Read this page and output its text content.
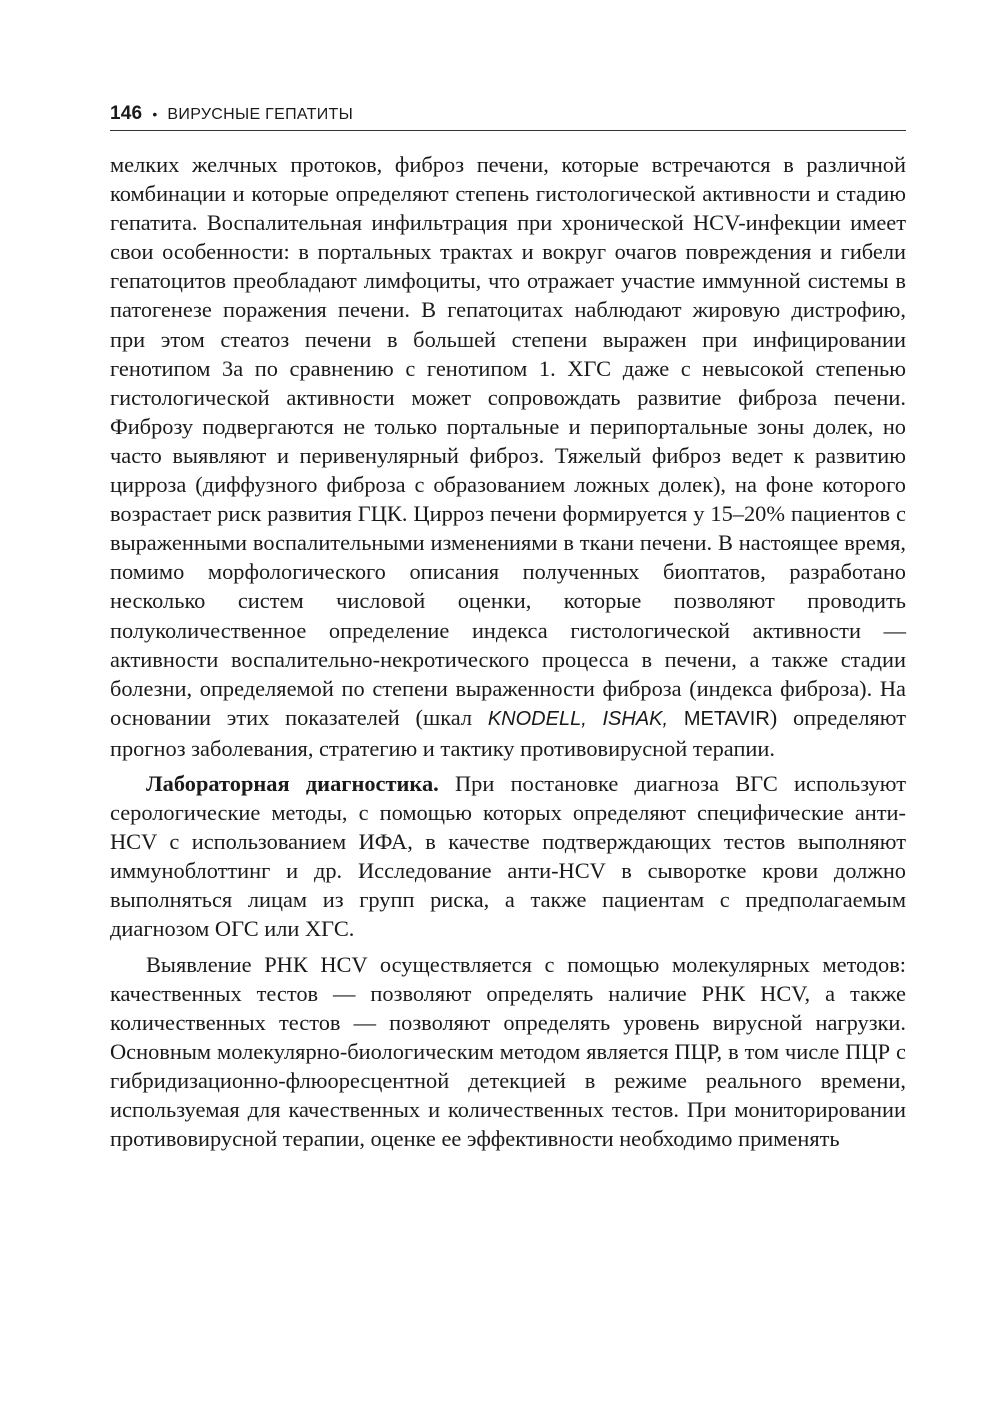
146 • ВИРУСНЫЕ ГЕПАТИТЫ

мелких желчных протоков, фиброз печени, которые встречаются в различной комбинации и которые определяют степень гистологической активности и стадию гепатита. Воспалительная инфильтрация при хронической HCV-инфекции имеет свои особенности: в портальных трактах и вокруг очагов повреждения и гибели гепатоцитов преобладают лимфоциты, что отражает участие иммунной системы в патогенезе поражения печени. В гепатоцитах наблюдают жировую дистрофию, при этом стеатоз печени в большей степени выражен при инфицировании генотипом 3а по сравнению с генотипом 1. ХГС даже с невысокой степенью гистологической активности может сопровождать развитие фиброза печени. Фиброзу подвергаются не только портальные и перипортальные зоны долек, но часто выявляют и перивенулярный фиброз. Тяжелый фиброз ведет к развитию цирроза (диффузного фиброза с образованием ложных долек), на фоне которого возрастает риск развития ГЦК. Цирроз печени формируется у 15–20% пациентов с выраженными воспалительными изменениями в ткани печени. В настоящее время, помимо морфологического описания полученных биоптатов, разработано несколько систем числовой оценки, которые позволяют проводить полуколичественное определение индекса гистологической активности — активности воспалительно-некротического процесса в печени, а также стадии болезни, определяемой по степени выраженности фиброза (индекса фиброза). На основании этих показателей (шкал KNODELL, ISHAK, METAVIR) определяют прогноз заболевания, стратегию и тактику противовирусной терапии.

Лабораторная диагностика. При постановке диагноза ВГС используют серологические методы, с помощью которых определяют специфические анти-HCV с использованием ИФА, в качестве подтверждающих тестов выполняют иммуноблоттинг и др. Исследование анти-HCV в сыворотке крови должно выполняться лицам из групп риска, а также пациентам с предполагаемым диагнозом ОГС или ХГС.

Выявление РНК HCV осуществляется с помощью молекулярных методов: качественных тестов — позволяют определять наличие РНК HCV, а также количественных тестов — позволяют определять уровень вирусной нагрузки. Основным молекулярно-биологическим методом является ПЦР, в том числе ПЦР с гибридизационно-флюоресцентной детекцией в режиме реального времени, используемая для качественных и количественных тестов. При мониторировании противовирусной терапии, оценке ее эффективности необходимо применять
